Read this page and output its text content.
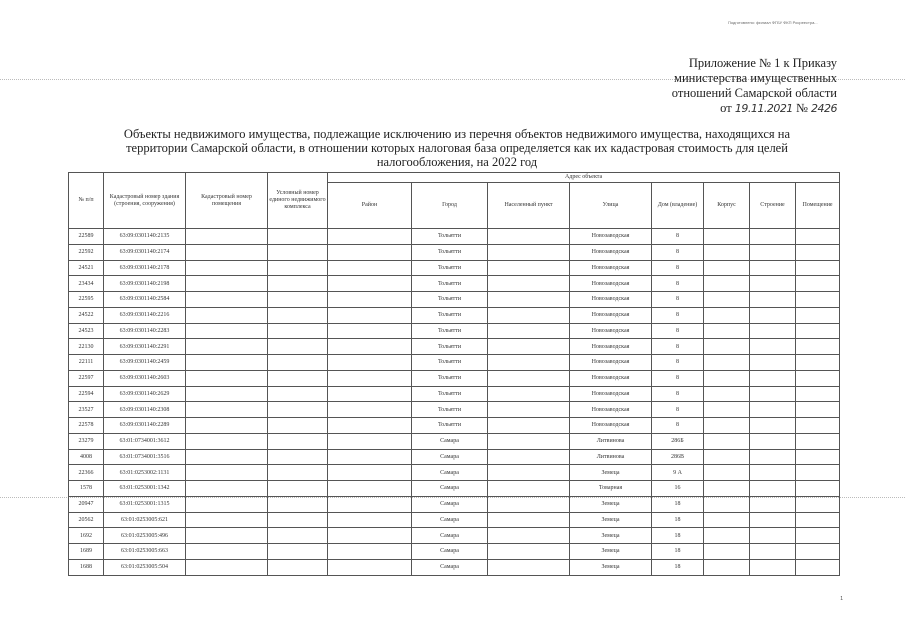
Подготовлено: филиал ФГБУ ФКП Росреестра...
Приложение № 1 к Приказу
министерства имущественных
отношений Самарской области
от 19.11.2021 № 2426
Объекты недвижимого имущества, подлежащие исключению из перечня объектов недвижимого имущества, находящихся на
территории Самарской области, в отношении которых налоговая база определяется как их кадастровая стоимость для целей
налогообложения, на 2022 год
№ п/п	Кадастровый номер здания (строения, сооружения)	Кадастровый номер помещения	Условный номер единого недвижимого комплекса	Адрес объекта							
				Район	Город	Населенный пункт	Улица	Дом (владение)	Корпус	Строение	Помещение
22589	63:09:0301140:2135				Тольятти		Новозаводская	8			
22592	63:09:0301140:2174				Тольятти		Новозаводская	8			
24521	63:09:0301140:2178				Тольятти		Новозаводская	8			
23434	63:09:0301140:2198				Тольятти		Новозаводская	8			
22595	63:09:0301140:2584				Тольятти		Новозаводская	8			
24522	63:09:0301140:2216				Тольятти		Новозаводская	8			
24523	63:09:0301140:2283				Тольятти		Новозаводская	8			
22130	63:09:0301140:2291				Тольятти		Новозаводская	8			
22111	63:09:0301140:2459				Тольятти		Новозаводская	8			
22597	63:09:0301140:2603				Тольятти		Новозаводская	8			
22594	63:09:0301140:2629				Тольятти		Новозаводская	8			
23527	63:09:0301140:2308				Тольятти		Новозаводская	8			
22578	63:09:0301140:2289				Тольятти		Новозаводская	8			
23279	63:01:0734001:3612				Самара		Литвинова	286Б			
4008	63:01:0734001:3516				Самара		Литвинова	286В			
22366	63:01:0253002:1131				Самара		Земеца	9 А			
1578	63:01:0253001:1342				Самара		Товарная	16			
20947	63:01:0253001:1315				Самара		Земеца	18			
20562	63:01:0253005:621				Самара		Земеца	18			
1692	63:01:0253005:496				Самара		Земеца	18			
1689	63:01:0253005:663				Самара		Земеца	18			
1688	63:01:0253005:504				Самара		Земеца	18			
1
